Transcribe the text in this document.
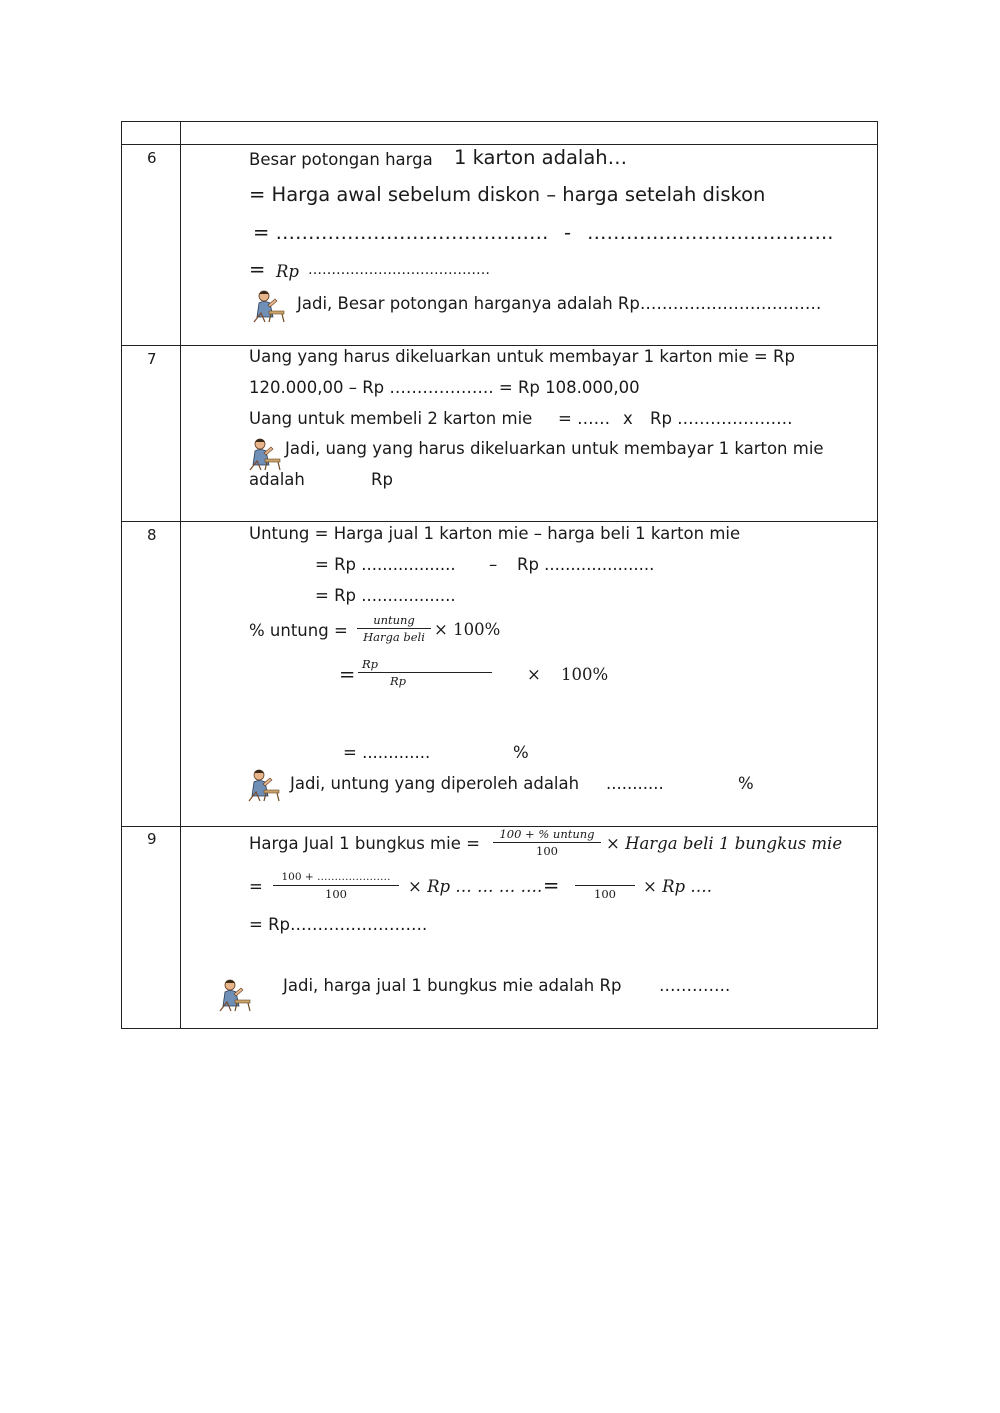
6	Besar potongan harga 1 karton adalah…
= Harga awal sebelum diskon – harga setelah diskon
= …………………………………… - ………………………………..
= Rp …………………………………
Jadi, Besar potongan harganya adalah Rp……………………………
7	Uang yang harus dikeluarkan untuk membayar 1 karton mie = Rp
120.000,00 – Rp ………………. = Rp 108.000,00
Uang untuk membeli 2 karton mie = …… x Rp …………………
Jadi, uang yang harus dikeluarkan untuk membayar 1 karton mie
adalah	Rp
8	Untung = Harga jual 1 karton mie – harga beli 1 karton mie
= Rp .................. – Rp .....................
= Rp ..................
% untung =
untung
Harga beli × 100%
= Rp
Rp	× 100%
= .............	%
Jadi, untung yang diperoleh adalah ...........	%
9	Harga Jual 1 bungkus mie =	100 + % untung
100	× Harga beli 1 bungkus mie
=	100 + …………………
100	× Rp … … … …. =	100	× Rp ….
= Rp…………………….
Jadi, harga jual 1 bungkus mie adalah Rp ………….
